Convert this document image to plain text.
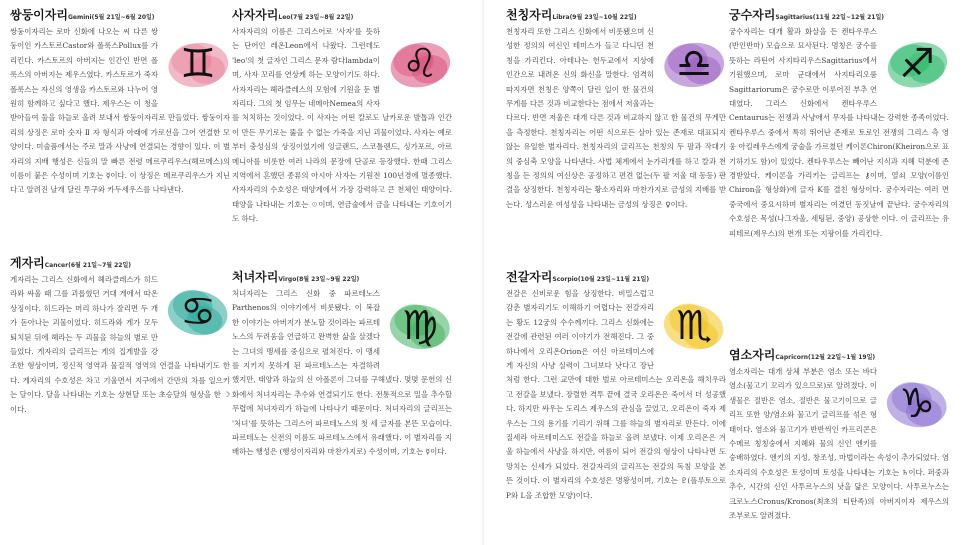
쌍둥이자리Gemini(5월 21일~6월 20일)
♊

쌍둥이자리는 로마 신화에 나오는 씨 다른 쌍둥이인 카스토르Castor와 폴룩스Pollux를 가리킨다. 카스토르의 아버지는 인간인 반면 폴룩스의 아버지는 제우스였다. 카스토르가 죽자 폴룩스는 자신의 영생을 카스토르와 나누어 영원히 함께하고 싶다고 했다. 제우스는 이 청을 받아들여 둘을 하늘로 올려 보내서 쌍둥이자리로 만들었다. 쌍둥이자리의 상징은 로마 숫자 Ⅱ 자 형식과 아래에 가로선을 그어 연결한 모양이다. 미술품에서는 주로 말과 사냥에 연결되는 경향이 있다. 이 별자리의 지배 행성은 신들의 말 빠른 전령 메르쿠리우스(헤르메스)의 이름이 붙은 수성이며 기호는 ☿이다. 이 상징은 메르쿠리우스가 지닌다고 알려진 날개 달린 투구와 카두세우스를 나타낸다.

게자리Cancer(6월 21일~7월 22일)
♋

게자리는 그리스 신화에서 헤라클레스가 히드라와 싸울 때 그를 괴롭혔던 거대 게에서 따온 상징이다. 히드라는 머리 하나가 잘리면 두 개가 돋아나는 괴물이었다. 히드라와 게가 모두 퇴치된 뒤에 헤라는 두 괴물을 하늘의 별로 만들었다. 게자리의 글리프는 게의 집게발을 강조한 형상이며, 정신적 영역과 물질적 영역의 연결을 나타내기도 한다. 게자리의 수호성은 차고 기울면서 지구에서 간만의 차를 일으키는 달이다. 달을 나타내는 기호는 상현달 또는 초승달의 형상을 한 ☽이다.

사자자리Leo(7월 23일~8월 22일)
♌

사자자리의 이름은 그리스어로 '사자'를 뜻하는 단어인 레온Leon에서 나왔다. 그런데도 'leo'의 첫 글자인 그리스 문자 람다lambda이며, 사자 꼬리를 연상케 하는 모양이기도 하다. 사자자리는 헤라클레스의 모험에 기원을 둔 별자리다. 그의 첫 임무는 네메아Nemea의 사자를 처치하는 것이었다. 이 사자는 어떤 칼로도 날카로운 발톱과 인간이 만든 무기로는 뚫을 수 없는 가죽을 지닌 괴물이었다. 사자는 예로부터 충성심의 상징이었기에 잉글랜드, 스코틀랜드, 싱가포르, 아르메니아를 비롯한 여러 나라의 문장에 단골로 등장했다. 한때 그리스 지역에서 흔했던 종류의 아시아 사자는 기원전 100년경에 멸종했다. 사자자리의 수호성은 태양계에서 가장 강력하고 큰 천체인 태양이다. 태양을 나타내는 기호는 ☉이며, 연금술에서 금을 나타내는 기호이기도 하다.

처녀자리Virgo(8월 23일~9월 22일)
♍

처녀자리는 그리스 신화 중 파르테노스Parthenos의 이야기에서 비롯됐다. 이 복잡한 이야기는 아버지가 분노할 것이라는 파르테노스의 두려움을 언급하고 완벽한 삶을 살겠다는 그녀의 맹세를 중심으로 펼쳐진다. 이 맹세를 지키지 못하게 된 파르테노스는 자결하려 했지만, 태양과 하늘의 신 아폴론이 그녀를 구해냈다. 몇몇 문헌의 신화에서 처녀자리는 추수와 연결되기도 한다. 전통적으로 밀을 추수할 무렵에 처녀자리가 하늘에 나타나기 때문이다. 처녀자리의 글리프는 '처녀'를 뜻하는 그리스어 파르테노스의 첫 세 글자를 본뜬 모습이다. 파르테노는 신전의 이름도 파르테노스에서 유래했다. 이 별자리를 지배하는 행성은 (행성이자리와 마찬가지로) 수성이며, 기호는 ☿이다.

천칭자리Libra(9월 23일~10월 22일)
♎

천칭자리 또한 그리스 신화에서 비롯됐으며 신성한 정의의 여신인 테미스가 들고 다니던 천칭을 가리킨다. 아테나는 헌두교에서 지상에 인간으로 내려온 신의 화신을 말한다. 엄격히 따지자면 천칭은 양쪽이 달린 일이 한 물건의 무게를 다른 것과 비교한다는 점에서 저울과는 다르다. 반면 저울은 대개 다른 것과 비교하지 않고 한 물건의 무게만을 측정한다. 천칭자리는 어떤 식으로든 살아 있는 존재로 대표되지 않는 유일한 별자리다. 천칭자리의 글리프는 천칭의 두 팔과 작대기의 중심축 모양을 나타낸다. 사법 체계에서 눈가리개를 하고 칼과 천칭을 든 정의의 여신상은 공정하고 편견 없는(두 팔 저울 대 동등) 판결을 상징한다. 천칭자리는 황소자리와 마찬가지로 금성의 지배를 받는다. 성스러운 여성성을 나타내는 금성의 상징은 ♀이다.

전갈자리Scorpio(10월 23일~11월 21일)
♏

전갈은 신비로운 힘을 상징한다. 비밀스럽고 감춘 별자리기도 이해하기 어렵다는 전갈자리는 황도 12궁의 수수께끼다. 그리스 신화에는 전갈에 관련된 여러 이야기가 전해진다. 그 중 하나에서 오리온Orion은 여신 아르테미스에게 자신의 사냥 실력이 그녀보다 낫다고 장난 처럼 한다. 그런 교만에 대한 벌로 아르테미스는 오리온을 해치우라고 전갈을 보냈다. 장렬한 격투 끝에 결국 오리온은 죽어서 더 성공했다. 하지만 싸우는 도리스 제우스의 관심을 끌었고, 오리온이 죽자 제우스는 그의 용기를 기리기 위해 그를 하늘의 별자리로 만든다. 이에 질세라 아르테미스도 전갈을 하늘로 올려 보냈다. 이제 오리온은 겨울 하늘에서 사냥을 하지만, 여름이 되어 전갈의 형상이 나타나면 도망치는 신세가 되었다. 전갈자리의 글리프는 전갈의 독침 모양을 본뜬 것이다. 이 별자리의 수호성은 명왕성이며, 기호는 ♇(플루토으로 P와 L을 조합한 모양)이다.

궁수자리Sagittarius(11월 22일~12월 21일)
♐

궁수자리는 대개 활과 화살을 든 켄타우루스(반인반마) 모습으로 묘사된다. 명칭은 궁수를 뜻하는 라틴어 사지타리우스Sagittarius에서 기원했으며, 로마 군대에서 사지타리오룸Sagittariorum은 궁수로만 이루어진 부추 연대였다. 그리스 신화에서 켄타우루스Centaurus는 전쟁과 사냥에서 무자를 나타내는 강력한 종족이었다. 켄타우루스 중에서 특히 뛰어난 존재로 토로인 전쟁의 그리스 측 영웅 아킬레우스에게 궁술을 가르쳤던 케이론Chiron(Kheiron으로 표기하기도 함)이 있었다. 켄타우루스는 빼어난 지식과 지혜 덕분에 존경받았다. 케이론을 가리키는 글리프는 ⚷이며, 열쇠 모양(이름인 Chiron을 형상화)에 글자 K를 결친 형상이다. 궁수자리는 여러 면 중국에서 중요시하며 별자리는 여겼던 동짓날에 끝난다. 궁수자리의 수호성은 목성(나그자울, 세팅된, 중앙) 공상한 이다. 이 글리프는 유피테르(제우스)의 번개 또는 지팡이를 가리킨다.

염소자리Capricorn(12월 22일~1월 19일)
♑

염소자리는 대개 상체 부분은 염소 또는 바다 염소(물고기 꼬리가 있으므로)로 알려졌다. 이 생물은 절반은 염소, 절반은 물고기이므로 글리프 또한 양/염소와 물고기 글리프를 섞은 형태이다. 염소와 물고기가 반반씩인 카프리콘은 수메르 칭칭숭에서 지혜와 물의 신인 엔키를 숭배하였다. 엔키의 지성, 창조성, 마법이라는 속성이 추가되었다. 염소자리의 수호성은 토성이며 토성을 나타내는 기호는 ♄이다. 퍼중과 추수, 시간의 신인 사투르누스의 낫을 닮은 모양이다. 사투르누스는 크로노스Cronus/Kronos(최초의 티탄족)의 아버지이자 제우스의 조부로도 알려졌다.
